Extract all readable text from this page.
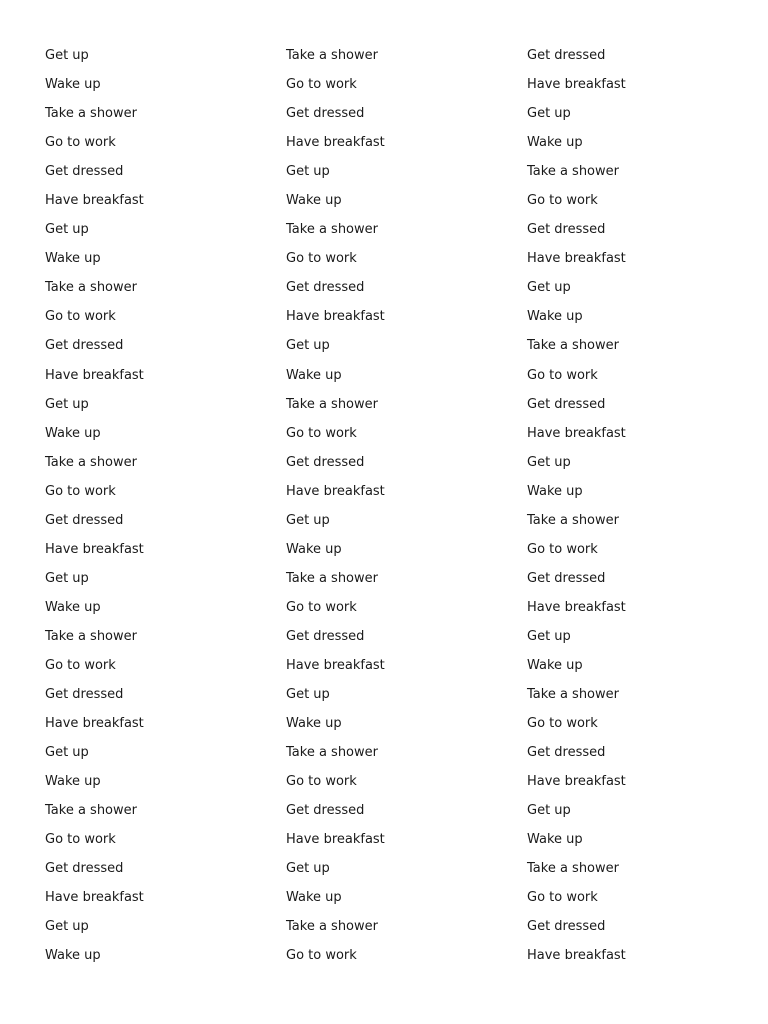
Get up
Wake up
Take a shower
Go to work
Get dressed
Have breakfast
Get up
Wake up
Take a shower
Go to work
Get dressed
Have breakfast
Get up
Wake up
Take a shower
Go to work
Get dressed
Have breakfast
Get up
Wake up
Take a shower
Go to work
Get dressed
Have breakfast
Get up
Wake up
Take a shower
Go to work
Get dressed
Have breakfast
Get up
Wake up
Take a shower
Go to work
Get dressed
Have breakfast
Get up
Wake up
Take a shower
Go to work
Get dressed
Have breakfast
Get up
Wake up
Take a shower
Go to work
Get dressed
Have breakfast
Get up
Wake up
Take a shower
Go to work
Get dressed
Have breakfast
Get up
Wake up
Take a shower
Go to work
Get dressed
Have breakfast
Get up
Wake up
Take a shower
Go to work
Get dressed
Have breakfast
Get up
Wake up
Take a shower
Go to work
Get dressed
Have breakfast
Get up
Wake up
Take a shower
Go to work
Get dressed
Have breakfast
Get up
Wake up
Take a shower
Go to work
Get dressed
Have breakfast
Get up
Wake up
Take a shower
Go to work
Get dressed
Have breakfast
Get up
Wake up
Take a shower
Go to work
Get dressed
Have breakfast
